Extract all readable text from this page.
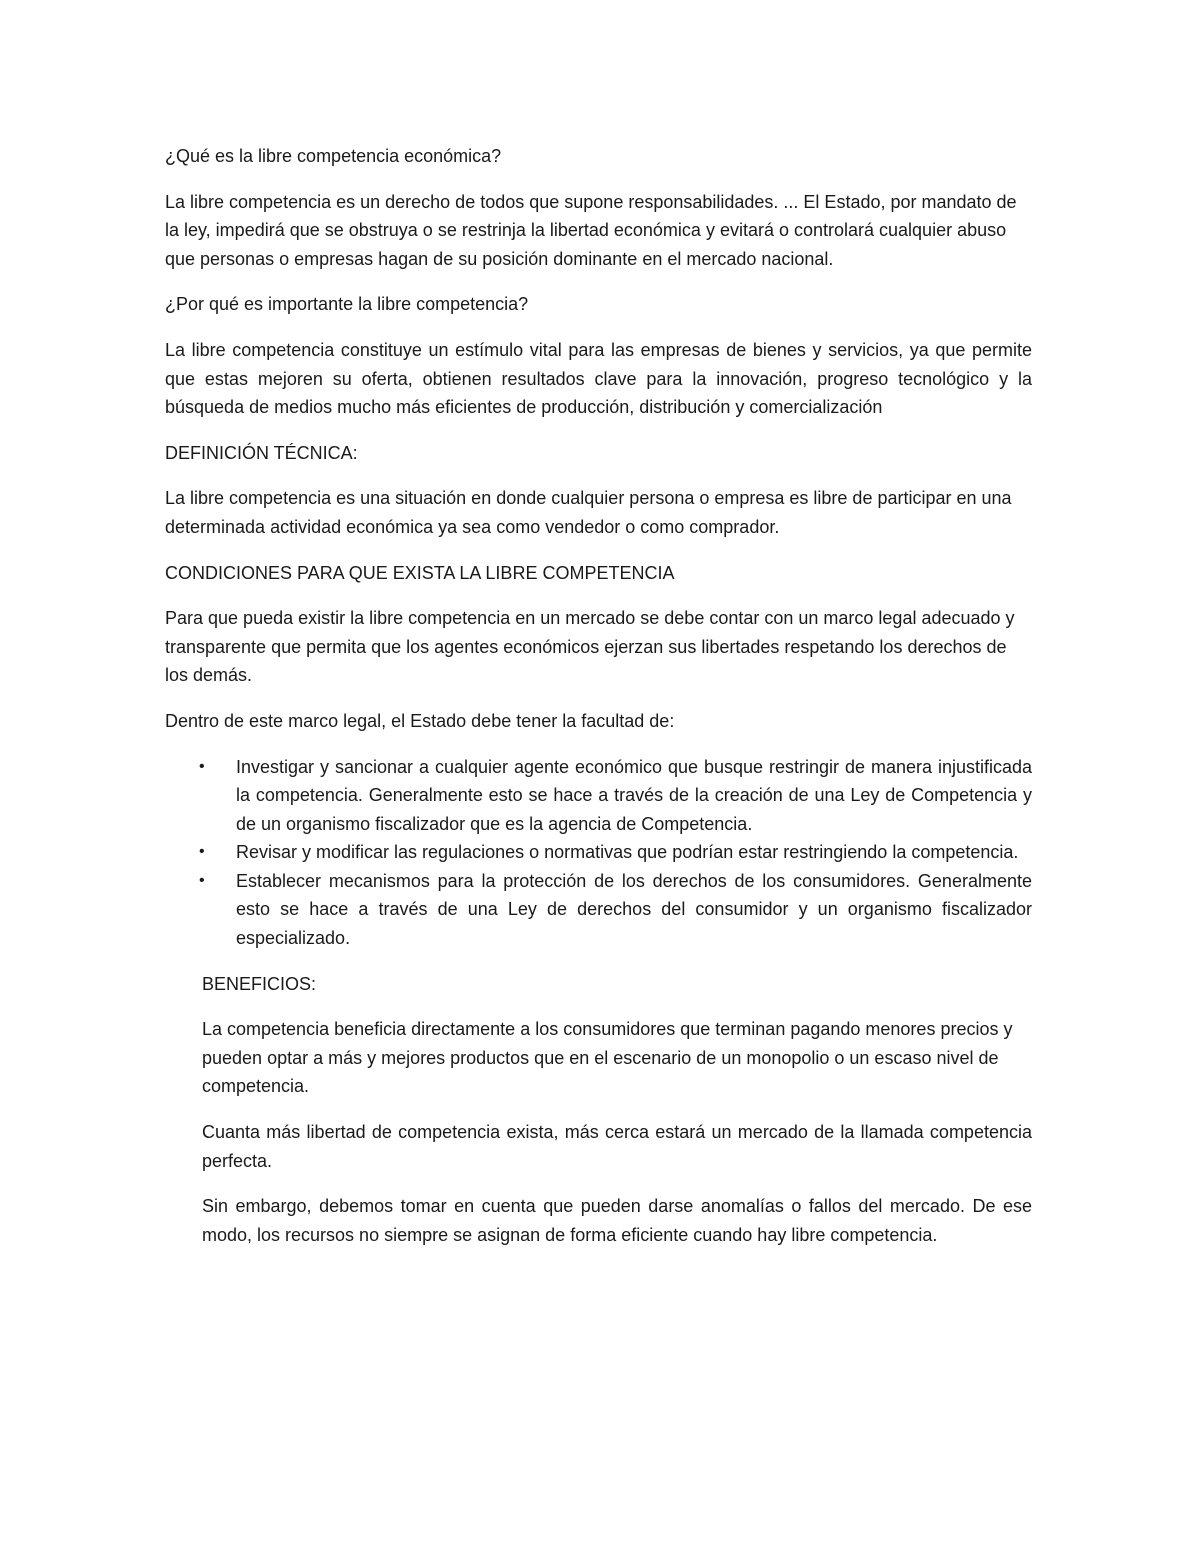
¿Qué es la libre competencia económica?

La libre competencia es un derecho de todos que supone responsabilidades. ... El Estado, por mandato de la ley, impedirá que se obstruya o se restrinja la libertad económica y evitará o controlará cualquier abuso que personas o empresas hagan de su posición dominante en el mercado nacional.

¿Por qué es importante la libre competencia?

La libre competencia constituye un estímulo vital para las empresas de bienes y servicios, ya que permite que estas mejoren su oferta, obtienen resultados clave para la innovación, progreso tecnológico y la búsqueda de medios mucho más eficientes de producción, distribución y comercialización

DEFINICIÓN TÉCNICA:

La libre competencia es una situación en donde cualquier persona o empresa es libre de participar en una determinada actividad económica ya sea como vendedor o como comprador.

CONDICIONES PARA QUE EXISTA LA LIBRE COMPETENCIA

Para que pueda existir la libre competencia en un mercado se debe contar con un marco legal adecuado y transparente que permita que los agentes económicos ejerzan sus libertades respetando los derechos de los demás.

Dentro de este marco legal, el Estado debe tener la facultad de:

• Investigar y sancionar a cualquier agente económico que busque restringir de manera injustificada la competencia. Generalmente esto se hace a través de la creación de una Ley de Competencia y de un organismo fiscalizador que es la agencia de Competencia.
• Revisar y modificar las regulaciones o normativas que podrían estar restringiendo la competencia.
• Establecer mecanismos para la protección de los derechos de los consumidores. Generalmente esto se hace a través de una Ley de derechos del consumidor y un organismo fiscalizador especializado.

BENEFICIOS:

La competencia beneficia directamente a los consumidores que terminan pagando menores precios y pueden optar a más y mejores productos que en el escenario de un monopolio o un escaso nivel de competencia.

Cuanta más libertad de competencia exista, más cerca estará un mercado de la llamada competencia perfecta.

Sin embargo, debemos tomar en cuenta que pueden darse anomalías o fallos del mercado. De ese modo, los recursos no siempre se asignan de forma eficiente cuando hay libre competencia.
